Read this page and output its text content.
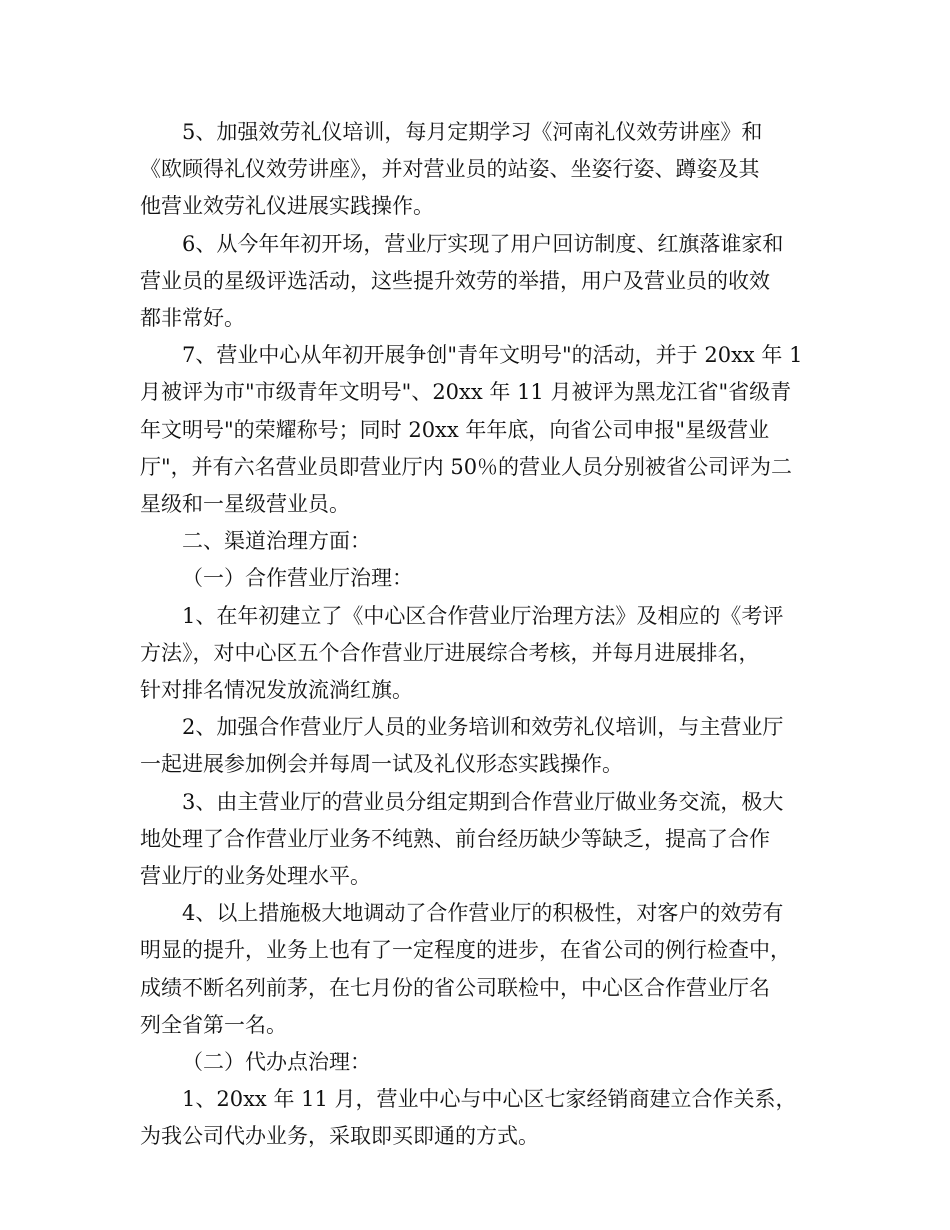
5、加强效劳礼仪培训，每月定期学习《河南礼仪效劳讲座》和
《欧顾得礼仪效劳讲座》，并对营业员的站姿、坐姿行姿、蹲姿及其
他营业效劳礼仪进展实践操作。

6、从今年年初开场，营业厅实现了用户回访制度、红旗落谁家和
营业员的星级评选活动，这些提升效劳的举措，用户及营业员的收效
都非常好。

7、营业中心从年初开展争创"青年文明号"的活动，并于 20xx 年 1
月被评为市"市级青年文明号"、20xx 年 11 月被评为黑龙江省"省级青
年文明号"的荣耀称号；同时 20xx 年年底，向省公司申报"星级营业
厅"，并有六名营业员即营业厅内 50％的营业人员分别被省公司评为二
星级和一星级营业员。

二、渠道治理方面：

（一）合作营业厅治理：

1、在年初建立了《中心区合作营业厅治理方法》及相应的《考评
方法》，对中心区五个合作营业厅进展综合考核，并每月进展排名，
针对排名情况发放流淌红旗。

2、加强合作营业厅人员的业务培训和效劳礼仪培训，与主营业厅
一起进展参加例会并每周一试及礼仪形态实践操作。

3、由主营业厅的营业员分组定期到合作营业厅做业务交流，极大
地处理了合作营业厅业务不纯熟、前台经历缺少等缺乏，提高了合作
营业厅的业务处理水平。

4、以上措施极大地调动了合作营业厅的积极性，对客户的效劳有
明显的提升，业务上也有了一定程度的进步，在省公司的例行检查中，
成绩不断名列前茅，在七月份的省公司联检中，中心区合作营业厅名
列全省第一名。

（二）代办点治理：

1、20xx 年 11 月，营业中心与中心区七家经销商建立合作关系，
为我公司代办业务，采取即买即通的方式。
